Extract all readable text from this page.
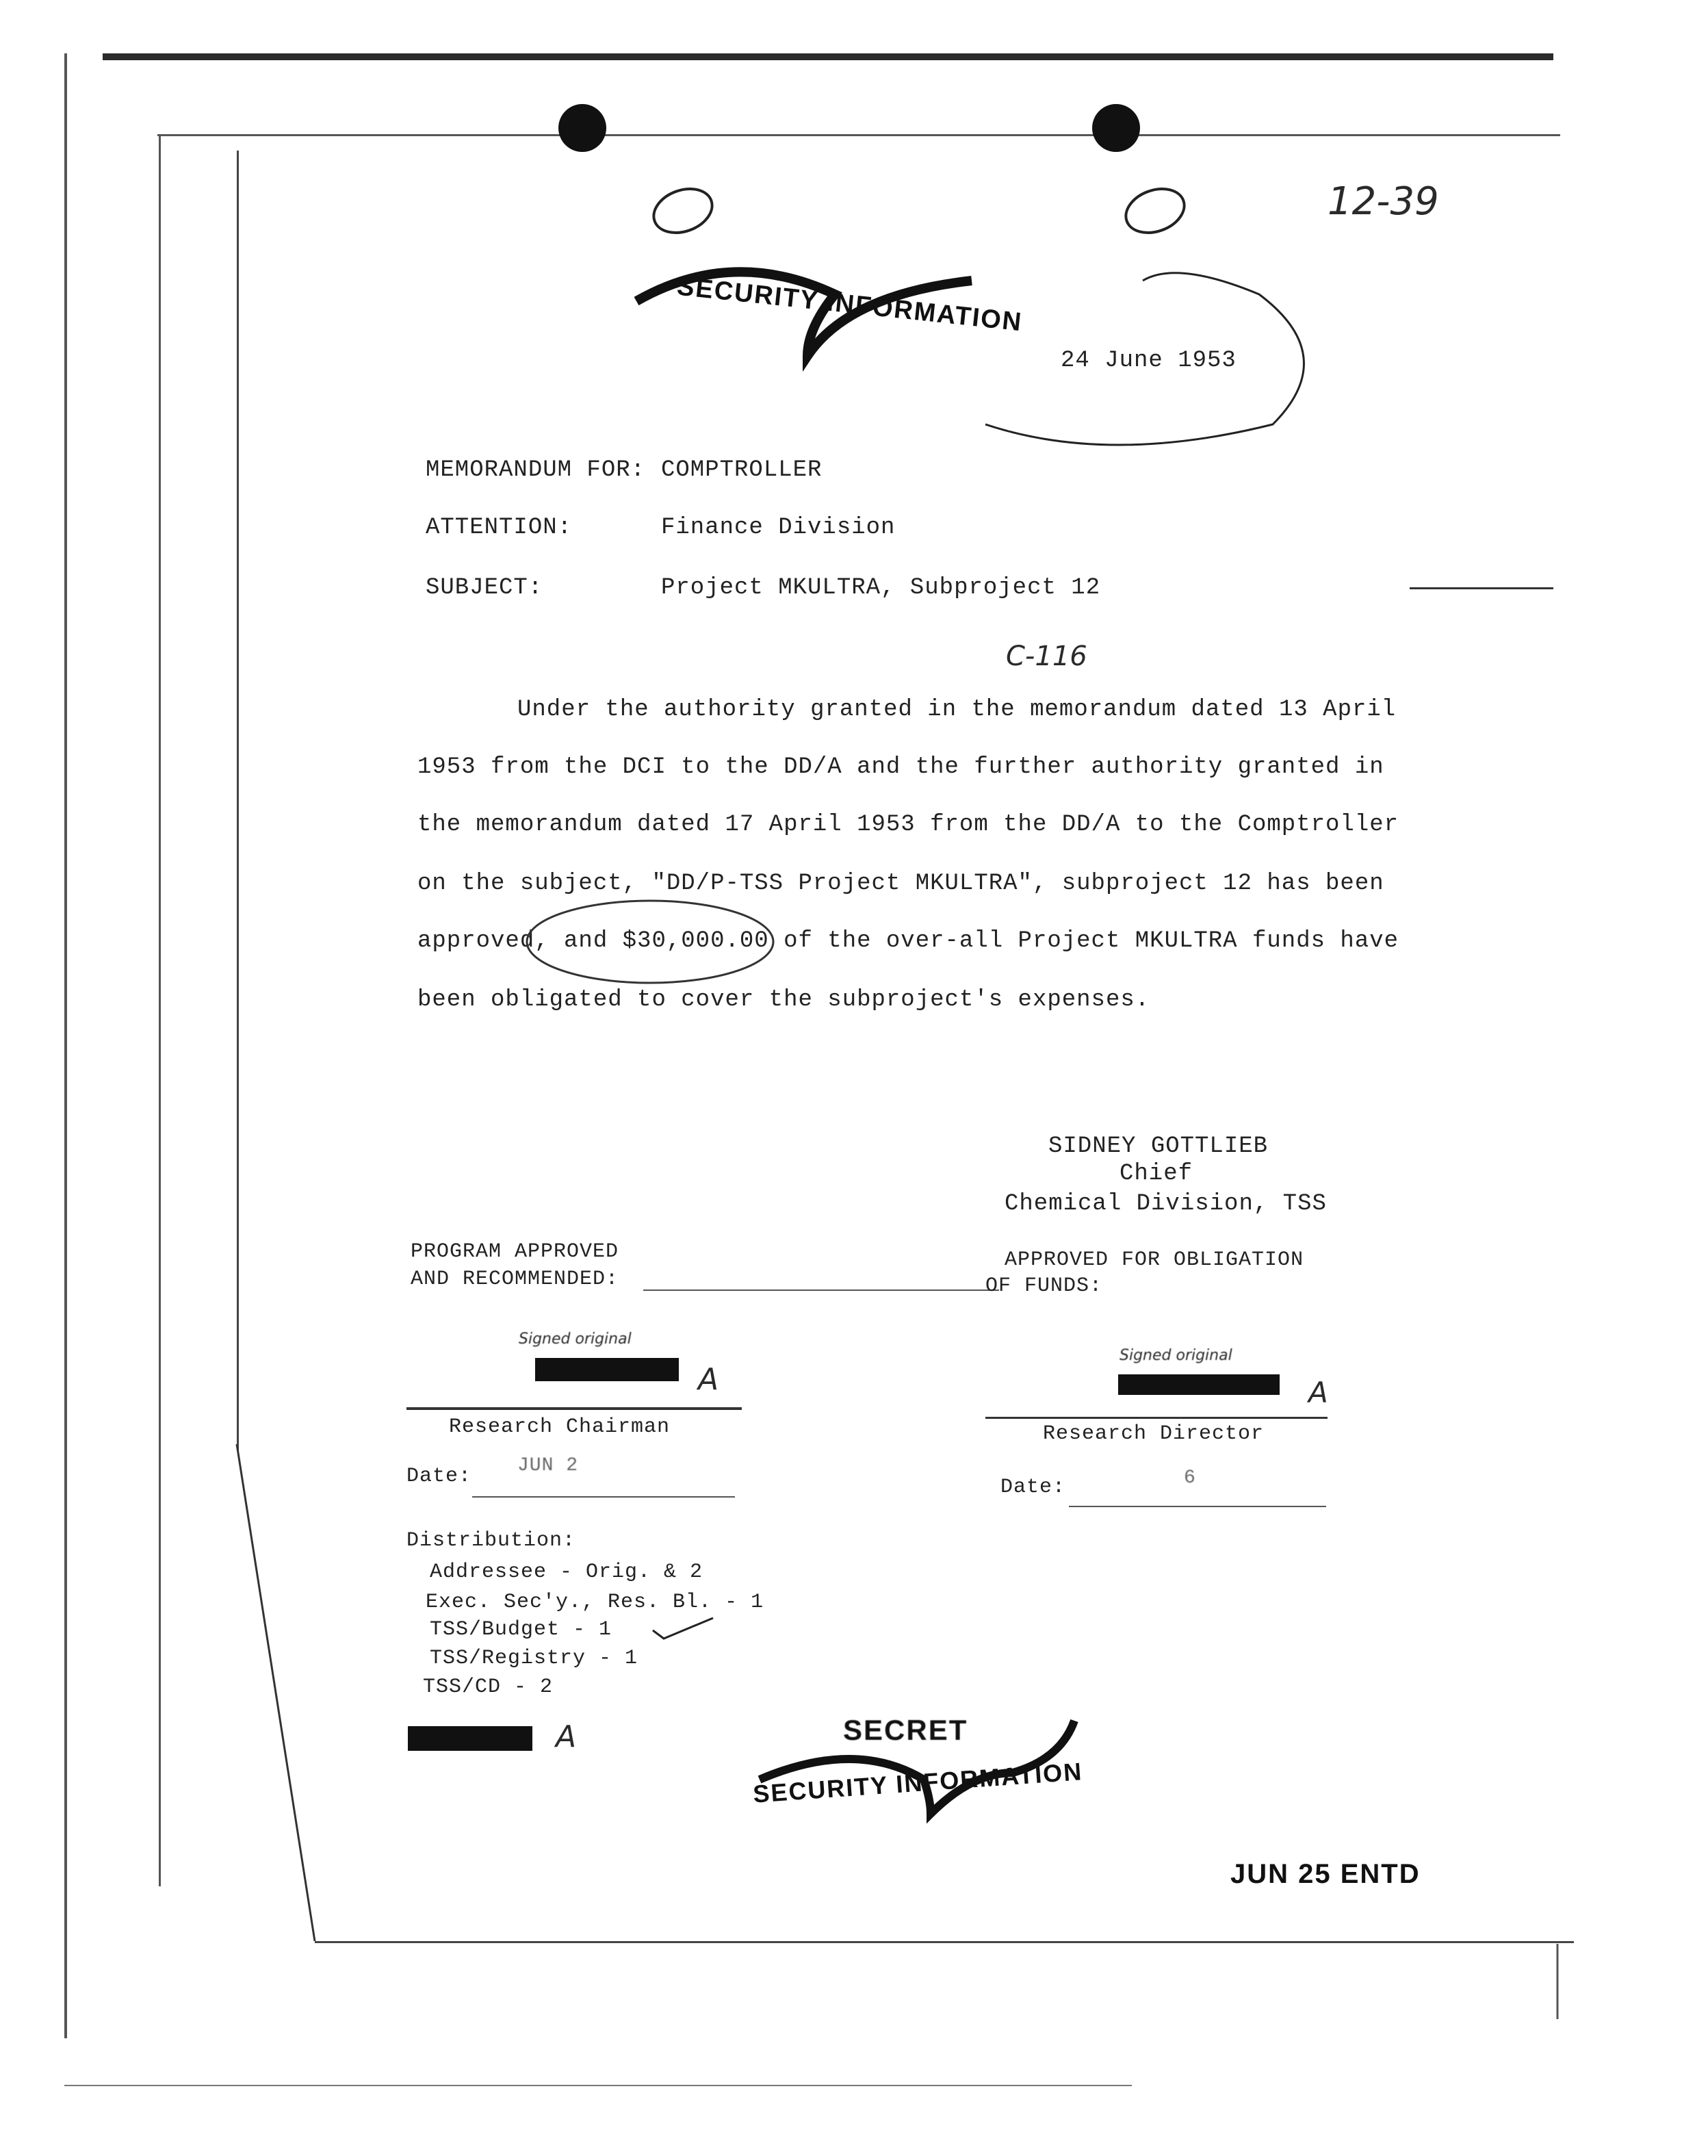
12-39
SECURITY INFORMATION
24 June 1953
MEMORANDUM FOR: COMPTROLLER
ATTENTION:	Finance Division
SUBJECT:	Project MKULTRA, Subproject 12
C-116
Under the authority granted in the memorandum dated 13 April
1953 from the DCI to the DD/A and the further authority granted in
the memorandum dated 17 April 1953 from the DD/A to the Comptroller
on the subject, "DD/P-TSS Project MKULTRA", subproject 12 has been
approved, and $30,000.00 of the over-all Project MKULTRA funds have
been obligated to cover the subproject's expenses.
SIDNEY GOTTLIEB
Chief
Chemical Division, TSS
PROGRAM APPROVED
AND RECOMMENDED:
Signed original
A
Research Chairman
Date: JUN 2
APPROVED FOR OBLIGATION
OF FUNDS:
Signed original
A
Research Director
Date:	6
Distribution:
Addressee - Orig. & 2
Exec. Sec'y., Res. Bl. - 1
TSS/Budget - 1
TSS/Registry - 1
TSS/CD - 2
A	SECRET
SECURITY INFORMATION
JUN 25 ENTD
